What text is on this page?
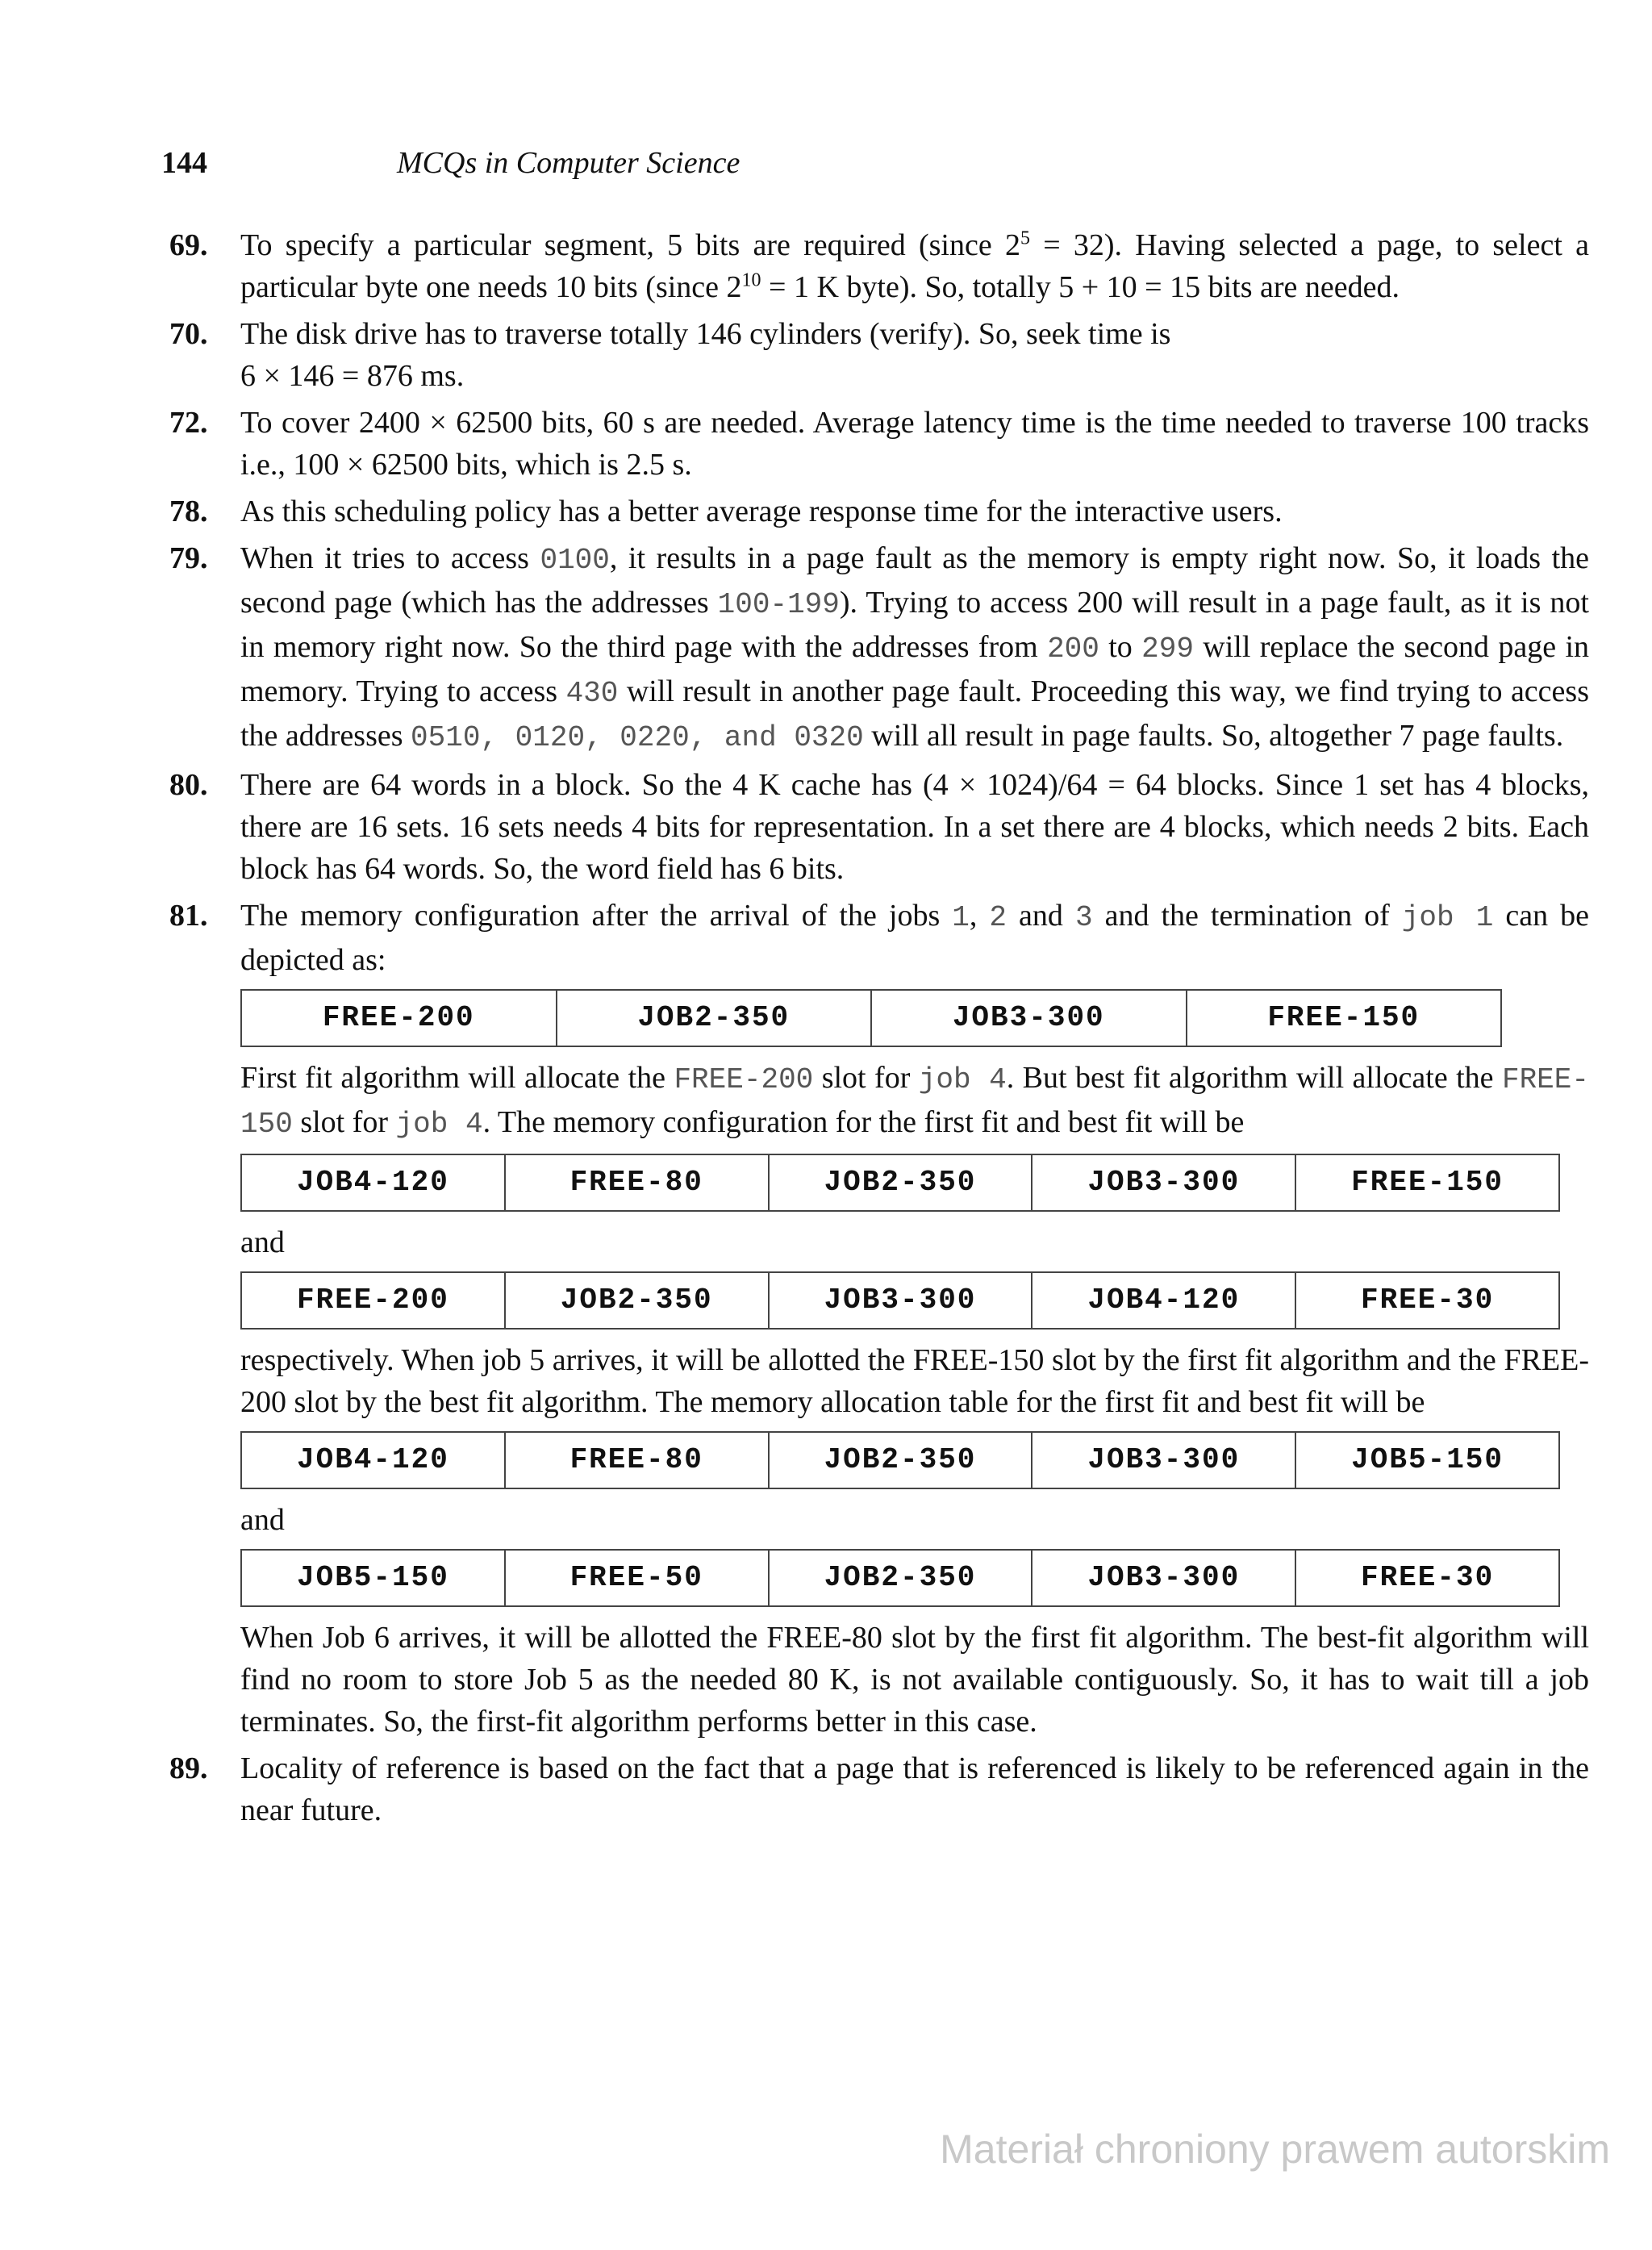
144	MCQs in Computer Science
69. To specify a particular segment, 5 bits are required (since $2^5 = 32$). Having selected a page, to select a particular byte one needs 10 bits (since $2^{10} = 1$ K byte). So, totally 5 + 10 = 15 bits are needed.
70. The disk drive has to traverse totally 146 cylinders (verify). So, seek time is
6 × 146 = 876 ms.
72. To cover 2400 × 62500 bits, 60 s are needed. Average latency time is the time needed to traverse 100 tracks i.e., 100 × 62500 bits, which is 2.5 s.
78. As this scheduling policy has a better average response time for the interactive users.
79. When it tries to access 0100, it results in a page fault as the memory is empty right now. So, it loads the second page (which has the addresses 100-199). Trying to access 200 will result in a page fault, as it is not in memory right now. So the third page with the addresses from 200 to 299 will replace the second page in memory. Trying to access 430 will result in another page fault. Proceeding this way, we find trying to access the addresses 0510, 0120, 0220, and 0320 will all result in page faults. So, altogether 7 page faults.
80. There are 64 words in a block. So the 4 K cache has (4 × 1024)/64 = 64 blocks. Since 1 set has 4 blocks, there are 16 sets. 16 sets needs 4 bits for representation. In a set there are 4 blocks, which needs 2 bits. Each block has 64 words. So, the word field has 6 bits.
81. The memory configuration after the arrival of the jobs 1, 2 and 3 and the termination of job 1 can be depicted as:
FREE-200	JOB2-350	JOB3-300	FREE-150
First fit algorithm will allocate the FREE-200 slot for job 4. But best fit algorithm will allocate the FREE-150 slot for job 4. The memory configuration for the first fit and best fit will be
JOB4-120	FREE-80	JOB2-350	JOB3-300	FREE-150
and
FREE-200	JOB2-350	JOB3-300	JOB4-120	FREE-30
respectively. When job 5 arrives, it will be allotted the FREE-150 slot by the first fit algorithm and the FREE-200 slot by the best fit algorithm. The memory allocation table for the first fit and best fit will be
JOB4-120	FREE-80	JOB2-350	JOB3-300	JOB5-150
and
JOB5-150	FREE-50	JOB2-350	JOB3-300	FREE-30
When Job 6 arrives, it will be allotted the FREE-80 slot by the first fit algorithm. The best-fit algorithm will find no room to store Job 5 as the needed 80 K, is not available contiguously. So, it has to wait till a job terminates. So, the first-fit algorithm performs better in this case.
89. Locality of reference is based on the fact that a page that is referenced is likely to be referenced again in the near future.
Materiał chroniony prawem autorskim
